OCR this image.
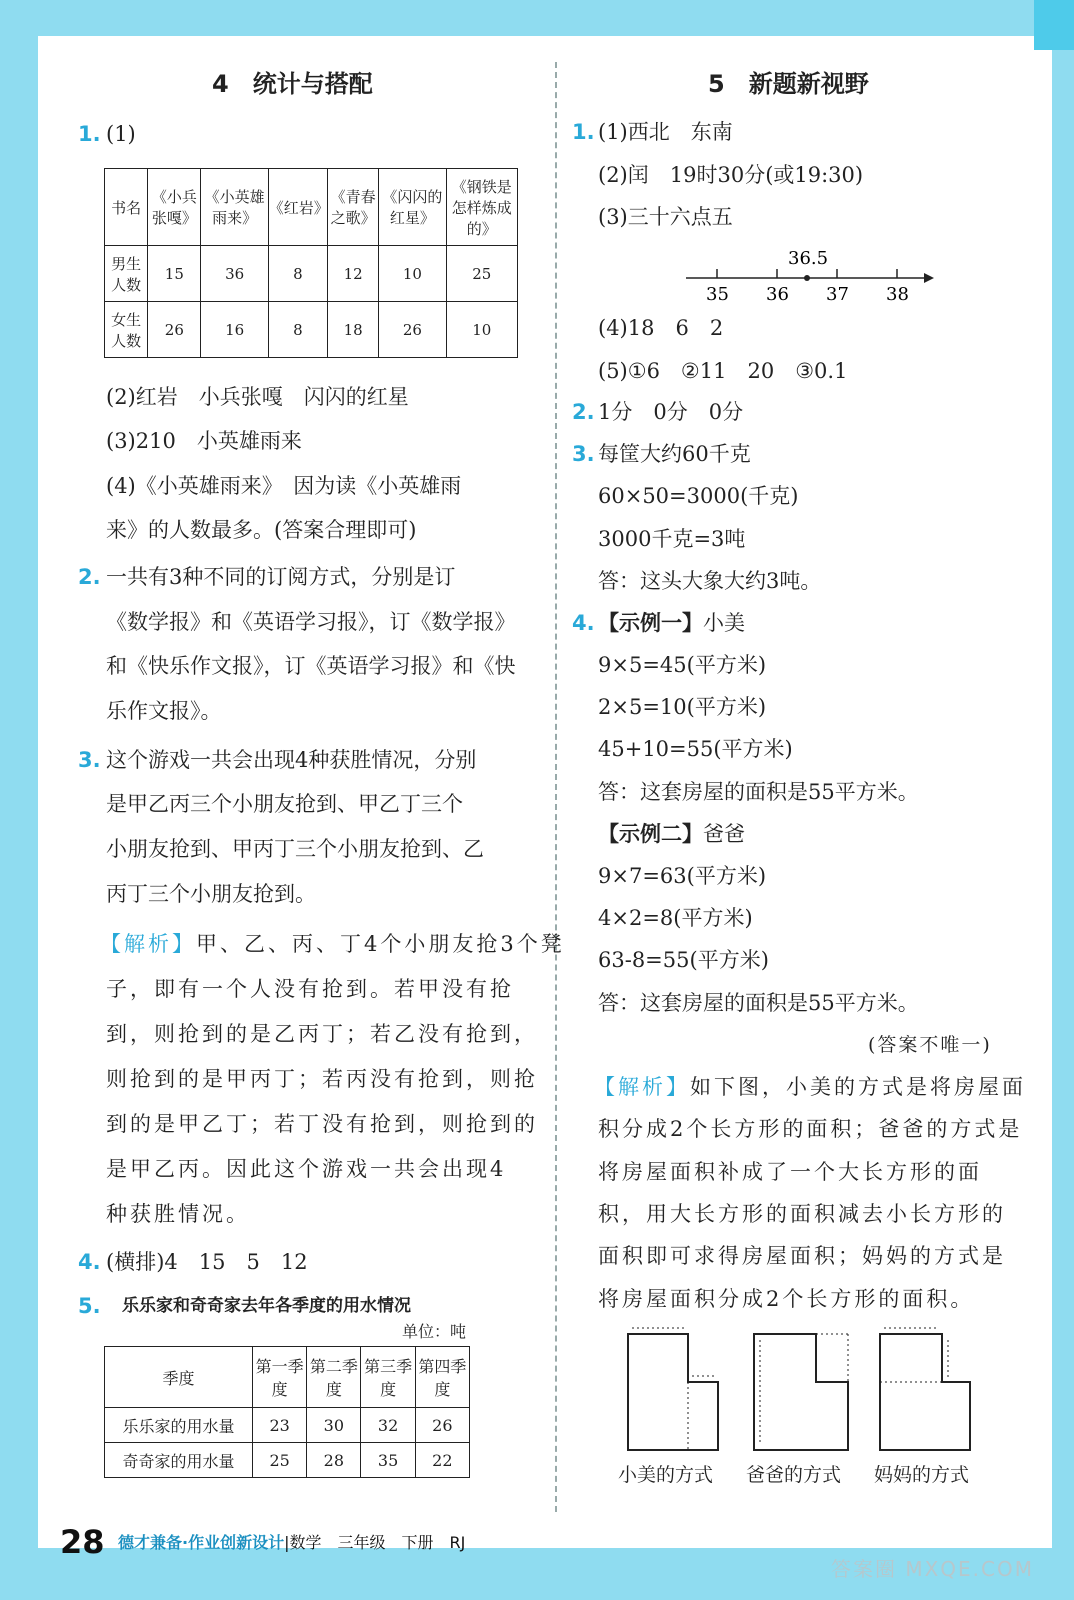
4　统计与搭配
1. (1)
书名	《小兵张嘎》	《小英雄雨来》	《红岩》	《青春之歌》	《闪闪的红星》	《钢铁是怎样炼成的》
男生人数	15	36	8	12	10	25
女生人数	26	16	8	18	26	10
(2)红岩　小兵张嘎　闪闪的红星
(3)210　小英雄雨来
(4)《小英雄雨来》　因为读《小英雄雨
来》的人数最多。(答案合理即可)
2. 一共有3种不同的订阅方式，分别是订
《数学报》和《英语学习报》，订《数学报》
和《快乐作文报》，订《英语学习报》和《快
乐作文报》。
3. 这个游戏一共会出现4种获胜情况，分别
是甲乙丙三个小朋友抢到、甲乙丁三个
小朋友抢到、甲丙丁三个小朋友抢到、乙
丙丁三个小朋友抢到。
【解析】甲、乙、丙、丁4个小朋友抢3个凳
子，即有一个人没有抢到。若甲没有抢
到，则抢到的是乙丙丁；若乙没有抢到，
则抢到的是甲丙丁；若丙没有抢到，则抢
到的是甲乙丁；若丁没有抢到，则抢到的
是甲乙丙。因此这个游戏一共会出现4
种获胜情况。
4. (横排)4　15　5　12
5. 乐乐家和奇奇家去年各季度的用水情况
单位：吨
季度	第一季度	第二季度	第三季度	第四季度
乐乐家的用水量	23	30	32	26
奇奇家的用水量	25	28	35	22
5　新题新视野
1. (1)西北　东南
(2)闰　19时30分(或19:30)
(3)三十六点五
36.5
35 36 37 38
(4)18　6　2
(5)①6　②11　20　③0.1
2. 1分　0分　0分
3. 每筐大约60千克
60×50=3000(千克)
3000千克=3吨
答：这头大象大约3吨。
4. 【示例一】小美
9×5=45(平方米)
2×5=10(平方米)
45+10=55(平方米)
答：这套房屋的面积是55平方米。
【示例二】爸爸
9×7=63(平方米)
4×2=8(平方米)
63-8=55(平方米)
答：这套房屋的面积是55平方米。
(答案不唯一)
【解析】如下图，小美的方式是将房屋面
积分成2个长方形的面积；爸爸的方式是
将房屋面积补成了一个大长方形的面
积，用大长方形的面积减去小长方形的
面积即可求得房屋面积；妈妈的方式是
将房屋面积分成2个长方形的面积。
小美的方式 爸爸的方式 妈妈的方式
28 德才兼备·作业创新设计|数学　三年级　下册　RJ
答案圈 MXQE.COM
